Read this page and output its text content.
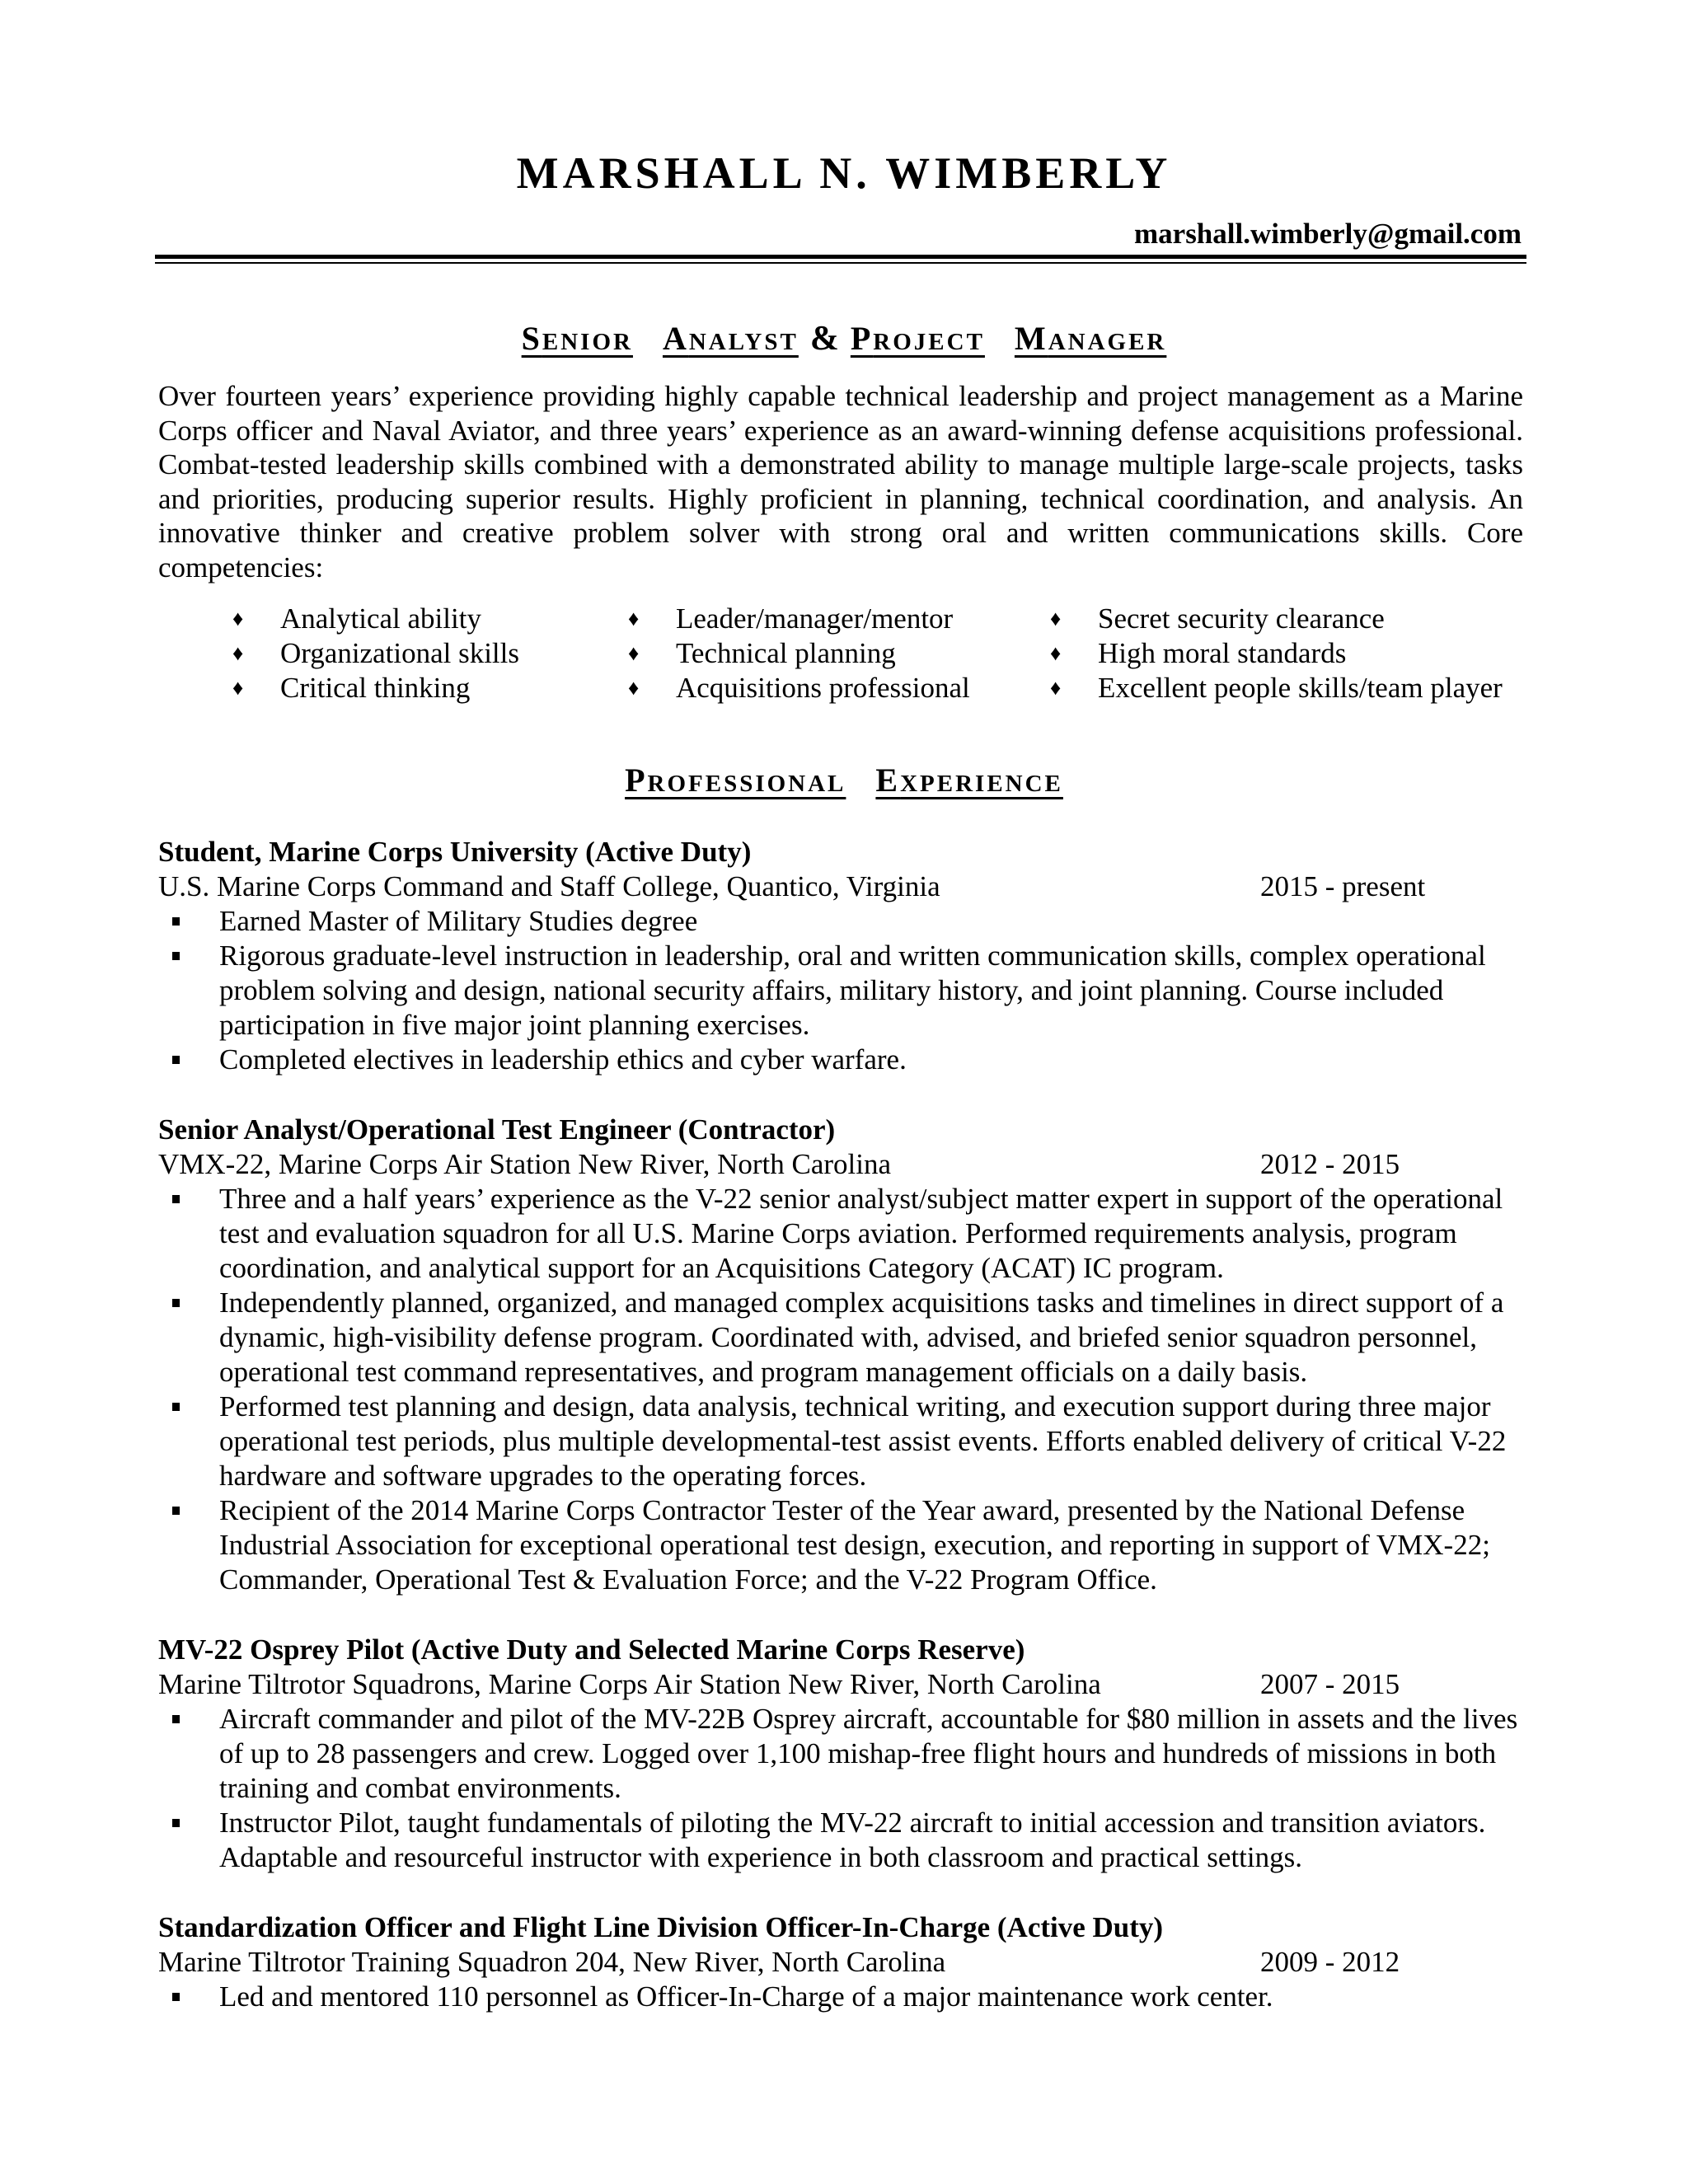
MARSHALL N. WIMBERLY
marshall.wimberly@gmail.com
SENIOR ANALYST & PROJECT MANAGER
Over fourteen years’ experience providing highly capable technical leadership and project management as a Marine Corps officer and Naval Aviator, and three years’ experience as an award-winning defense acquisitions professional. Combat-tested leadership skills combined with a demonstrated ability to manage multiple large-scale projects, tasks and priorities, producing superior results. Highly proficient in planning, technical coordination, and analysis. An innovative thinker and creative problem solver with strong oral and written communications skills. Core competencies:
♦ Analytical ability
♦ Organizational skills
♦ Critical thinking
♦ Leader/manager/mentor
♦ Technical planning
♦ Acquisitions professional
♦ Secret security clearance
♦ High moral standards
♦ Excellent people skills/team player
PROFESSIONAL EXPERIENCE
Student, Marine Corps University (Active Duty)
U.S. Marine Corps Command and Staff College, Quantico, Virginia	2015 - present
Earned Master of Military Studies degree
Rigorous graduate-level instruction in leadership, oral and written communication skills, complex operational problem solving and design, national security affairs, military history, and joint planning. Course included participation in five major joint planning exercises.
Completed electives in leadership ethics and cyber warfare.
Senior Analyst/Operational Test Engineer (Contractor)
VMX-22, Marine Corps Air Station New River, North Carolina	2012 - 2015
Three and a half years’ experience as the V-22 senior analyst/subject matter expert in support of the operational test and evaluation squadron for all U.S. Marine Corps aviation. Performed requirements analysis, program coordination, and analytical support for an Acquisitions Category (ACAT) IC program.
Independently planned, organized, and managed complex acquisitions tasks and timelines in direct support of a dynamic, high-visibility defense program. Coordinated with, advised, and briefed senior squadron personnel, operational test command representatives, and program management officials on a daily basis.
Performed test planning and design, data analysis, technical writing, and execution support during three major operational test periods, plus multiple developmental-test assist events. Efforts enabled delivery of critical V-22 hardware and software upgrades to the operating forces.
Recipient of the 2014 Marine Corps Contractor Tester of the Year award, presented by the National Defense Industrial Association for exceptional operational test design, execution, and reporting in support of VMX-22; Commander, Operational Test & Evaluation Force; and the V-22 Program Office.
MV-22 Osprey Pilot (Active Duty and Selected Marine Corps Reserve)
Marine Tiltrotor Squadrons, Marine Corps Air Station New River, North Carolina	2007 - 2015
Aircraft commander and pilot of the MV-22B Osprey aircraft, accountable for $80 million in assets and the lives of up to 28 passengers and crew. Logged over 1,100 mishap-free flight hours and hundreds of missions in both training and combat environments.
Instructor Pilot, taught fundamentals of piloting the MV-22 aircraft to initial accession and transition aviators. Adaptable and resourceful instructor with experience in both classroom and practical settings.
Standardization Officer and Flight Line Division Officer-In-Charge (Active Duty)
Marine Tiltrotor Training Squadron 204, New River, North Carolina	2009 - 2012
Led and mentored 110 personnel as Officer-In-Charge of a major maintenance work center.
